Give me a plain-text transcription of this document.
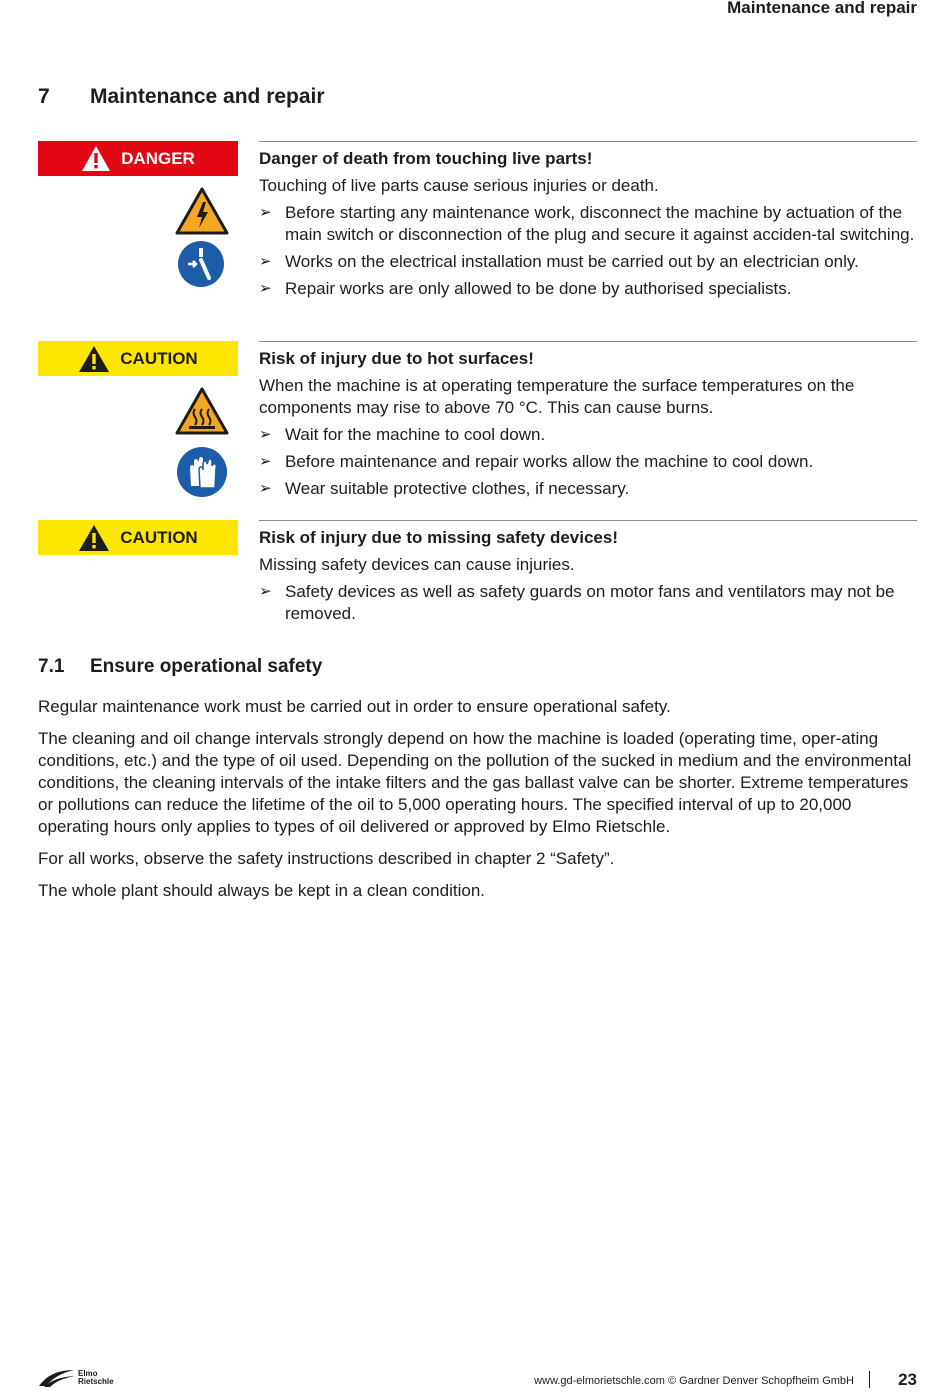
Maintenance and repair
7 Maintenance and repair
DANGER	Danger of death from touching live parts!
Touching of live parts cause serious injuries or death.
➢ Before starting any maintenance work, disconnect the machine by actuation of the main switch or disconnection of the plug and secure it against acciden-tal switching.
➢ Works on the electrical installation must be carried out by an electrician only.
➢ Repair works are only allowed to be done by authorised specialists.
CAUTION	Risk of injury due to hot surfaces!
When the machine is at operating temperature the surface temperatures on the components may rise to above 70 °C. This can cause burns.
➢ Wait for the machine to cool down.
➢ Before maintenance and repair works allow the machine to cool down.
➢ Wear suitable protective clothes, if necessary.
CAUTION	Risk of injury due to missing safety devices!
Missing safety devices can cause injuries.
➢ Safety devices as well as safety guards on motor fans and ventilators may not be removed.
7.1 Ensure operational safety

Regular maintenance work must be carried out in order to ensure operational safety.

The cleaning and oil change intervals strongly depend on how the machine is loaded (operating time, oper-ating conditions, etc.) and the type of oil used. Depending on the pollution of the sucked in medium and the environmental conditions, the cleaning intervals of the intake filters and the gas ballast valve can be shorter. Extreme temperatures or pollutions can reduce the lifetime of the oil to 5,000 operating hours. The specified interval of up to 20,000 operating hours only applies to types of oil delivered or approved by Elmo Rietschle.

For all works, observe the safety instructions described in chapter 2 “Safety”.

The whole plant should always be kept in a clean condition.

Elmo
Rietschle	www.gd-elmorietschle.com © Gardner Denver Schopfheim GmbH	23
